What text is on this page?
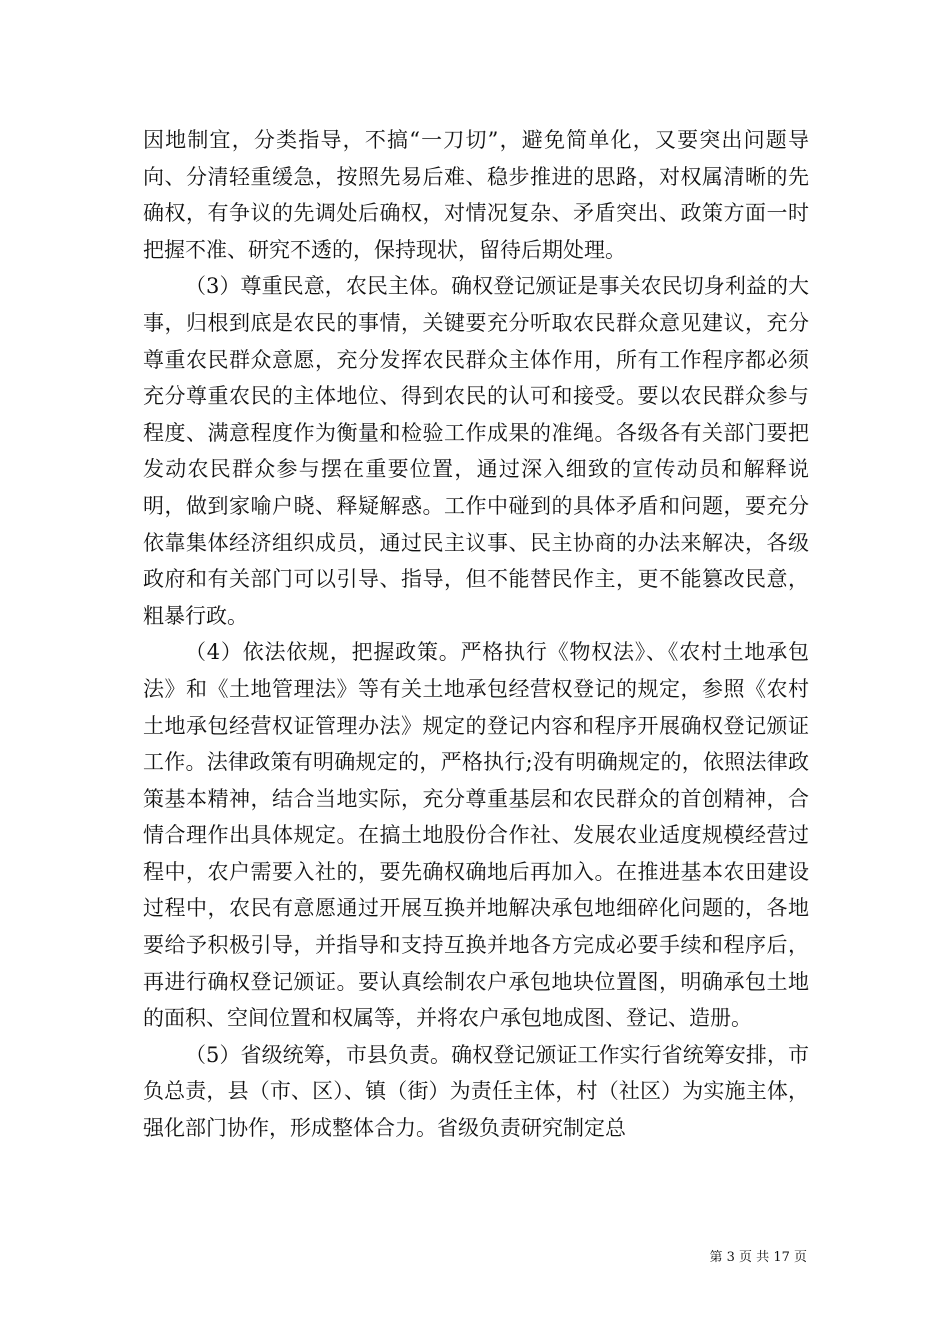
因地制宜，分类指导，不搞“一刀切”，避免简单化，又要突出问题导向、分清轻重缓急，按照先易后难、稳步推进的思路，对权属清晰的先确权，有争议的先调处后确权，对情况复杂、矛盾突出、政策方面一时把握不准、研究不透的，保持现状，留待后期处理。

（3）尊重民意，农民主体。确权登记颁证是事关农民切身利益的大事，归根到底是农民的事情，关键要充分听取农民群众意见建议，充分尊重农民群众意愿，充分发挥农民群众主体作用，所有工作程序都必须充分尊重农民的主体地位、得到农民的认可和接受。要以农民群众参与程度、满意程度作为衡量和检验工作成果的准绳。各级各有关部门要把发动农民群众参与摆在重要位置，通过深入细致的宣传动员和解释说明，做到家喻户晓、释疑解惑。工作中碰到的具体矛盾和问题，要充分依靠集体经济组织成员，通过民主议事、民主协商的办法来解决，各级政府和有关部门可以引导、指导，但不能替民作主，更不能篡改民意，粗暴行政。

（4）依法依规，把握政策。严格执行《物权法》、《农村土地承包法》和《土地管理法》等有关土地承包经营权登记的规定，参照《农村土地承包经营权证管理办法》规定的登记内容和程序开展确权登记颁证工作。法律政策有明确规定的，严格执行;没有明确规定的，依照法律政策基本精神，结合当地实际，充分尊重基层和农民群众的首创精神，合情合理作出具体规定。在搞土地股份合作社、发展农业适度规模经营过程中，农户需要入社的，要先确权确地后再加入。在推进基本农田建设过程中，农民有意愿通过开展互换并地解决承包地细碎化问题的，各地要给予积极引导，并指导和支持互换并地各方完成必要手续和程序后，再进行确权登记颁证。要认真绘制农户承包地块位置图，明确承包土地的面积、空间位置和权属等，并将农户承包地成图、登记、造册。

（5）省级统筹，市县负责。确权登记颁证工作实行省统筹安排，市负总责，县（市、区）、镇（街）为责任主体，村（社区）为实施主体，强化部门协作，形成整体合力。省级负责研究制定总

第 3 页 共 17 页
